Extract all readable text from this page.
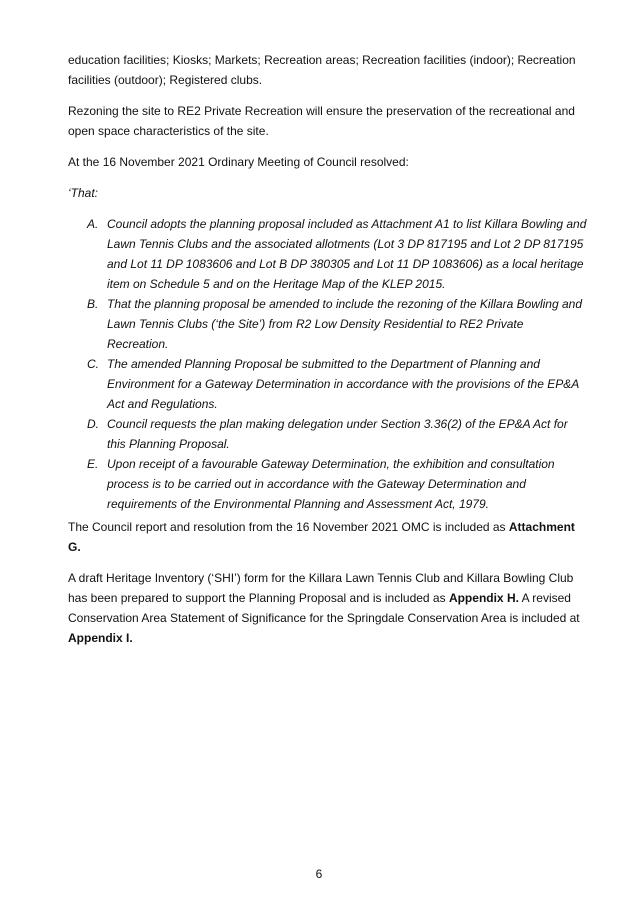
education facilities; Kiosks; Markets; Recreation areas; Recreation facilities (indoor); Recreation facilities (outdoor); Registered clubs.

Rezoning the site to RE2 Private Recreation will ensure the preservation of the recreational and open space characteristics of the site.

At the 16 November 2021 Ordinary Meeting of Council resolved:

‘That:

A. Council adopts the planning proposal included as Attachment A1 to list Killara Bowling and Lawn Tennis Clubs and the associated allotments (Lot 3 DP 817195 and Lot 2 DP 817195 and Lot 11 DP 1083606 and Lot B DP 380305 and Lot 11 DP 1083606) as a local heritage item on Schedule 5 and on the Heritage Map of the KLEP 2015.
B. That the planning proposal be amended to include the rezoning of the Killara Bowling and Lawn Tennis Clubs (‘the Site’) from R2 Low Density Residential to RE2 Private Recreation.
C. The amended Planning Proposal be submitted to the Department of Planning and Environment for a Gateway Determination in accordance with the provisions of the EP&A Act and Regulations.
D. Council requests the plan making delegation under Section 3.36(2) of the EP&A Act for this Planning Proposal.
E. Upon receipt of a favourable Gateway Determination, the exhibition and consultation process is to be carried out in accordance with the Gateway Determination and requirements of the Environmental Planning and Assessment Act, 1979.

The Council report and resolution from the 16 November 2021 OMC is included as Attachment G.

A draft Heritage Inventory (‘SHI’) form for the Killara Lawn Tennis Club and Killara Bowling Club has been prepared to support the Planning Proposal and is included as Appendix H. A revised Conservation Area Statement of Significance for the Springdale Conservation Area is included at Appendix I.

6
